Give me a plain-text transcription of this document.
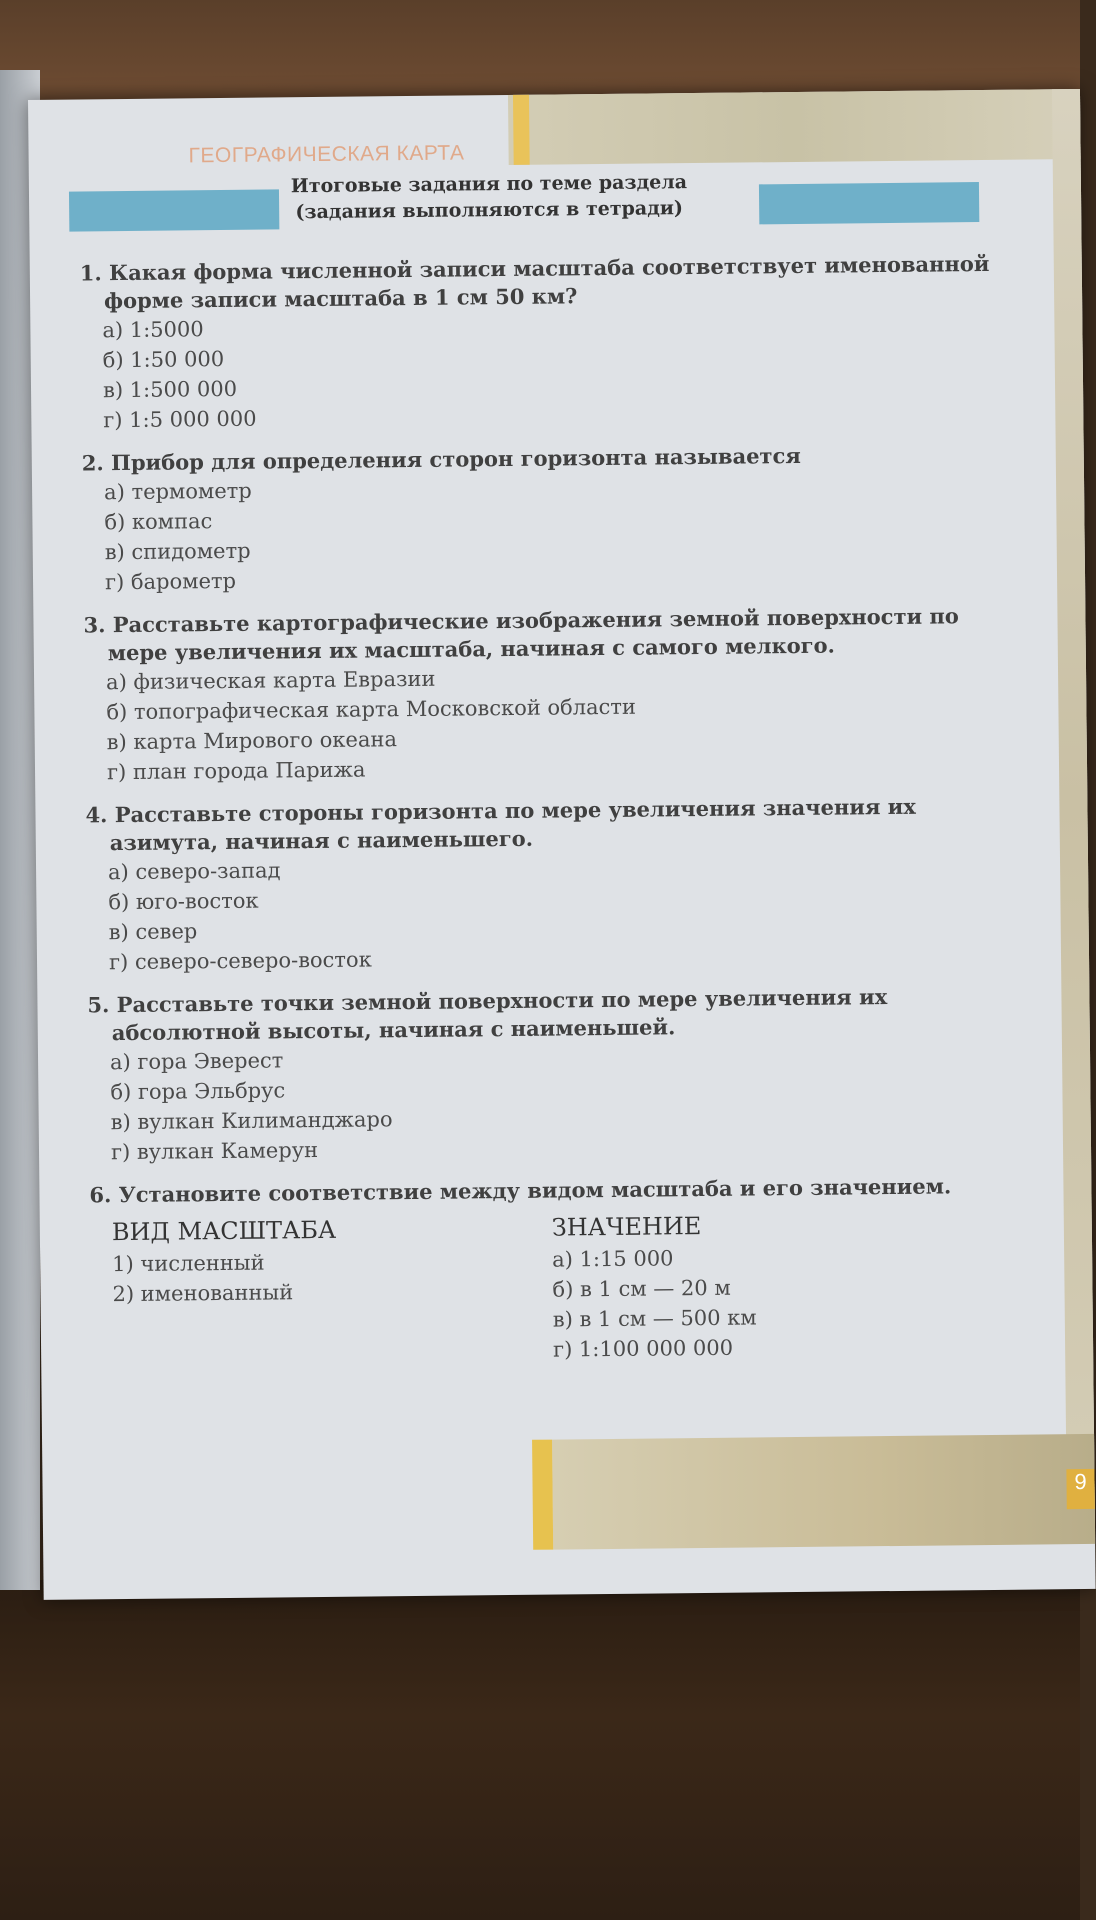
9
ГЕОГРАФИЧЕСКАЯ КАРТА
Итоговые задания по теме раздела
(задания выполняются в тетради)
1. Какая форма численной записи масштаба соответствует именованной форме записи масштаба в 1 см 50 км?
а) 1:5000
б) 1:50 000
в) 1:500 000
г) 1:5 000 000
2. Прибор для определения сторон горизонта называется
а) термометр
б) компас
в) спидометр
г) барометр
3. Расставьте картографические изображения земной поверхности по мере увеличения их масштаба, начиная с самого мелкого.
а) физическая карта Евразии
б) топографическая карта Московской области
в) карта Мирового океана
г) план города Парижа
4. Расставьте стороны горизонта по мере увеличения значения их азимута, начиная с наименьшего.
а) северо-запад
б) юго-восток
в) север
г) северо-северо-восток
5. Расставьте точки земной поверхности по мере увеличения их абсолютной высоты, начиная с наименьшей.
а) гора Эверест
б) гора Эльбрус
в) вулкан Килиманджаро
г) вулкан Камерун
6. Установите соответствие между видом масштаба и его значением.
ВИД МАСШТАБА
1) численный
2) именованный
ЗНАЧЕНИЕ
а) 1:15 000
б) в 1 см — 20 м
в) в 1 см — 500 км
г) 1:100 000 000
